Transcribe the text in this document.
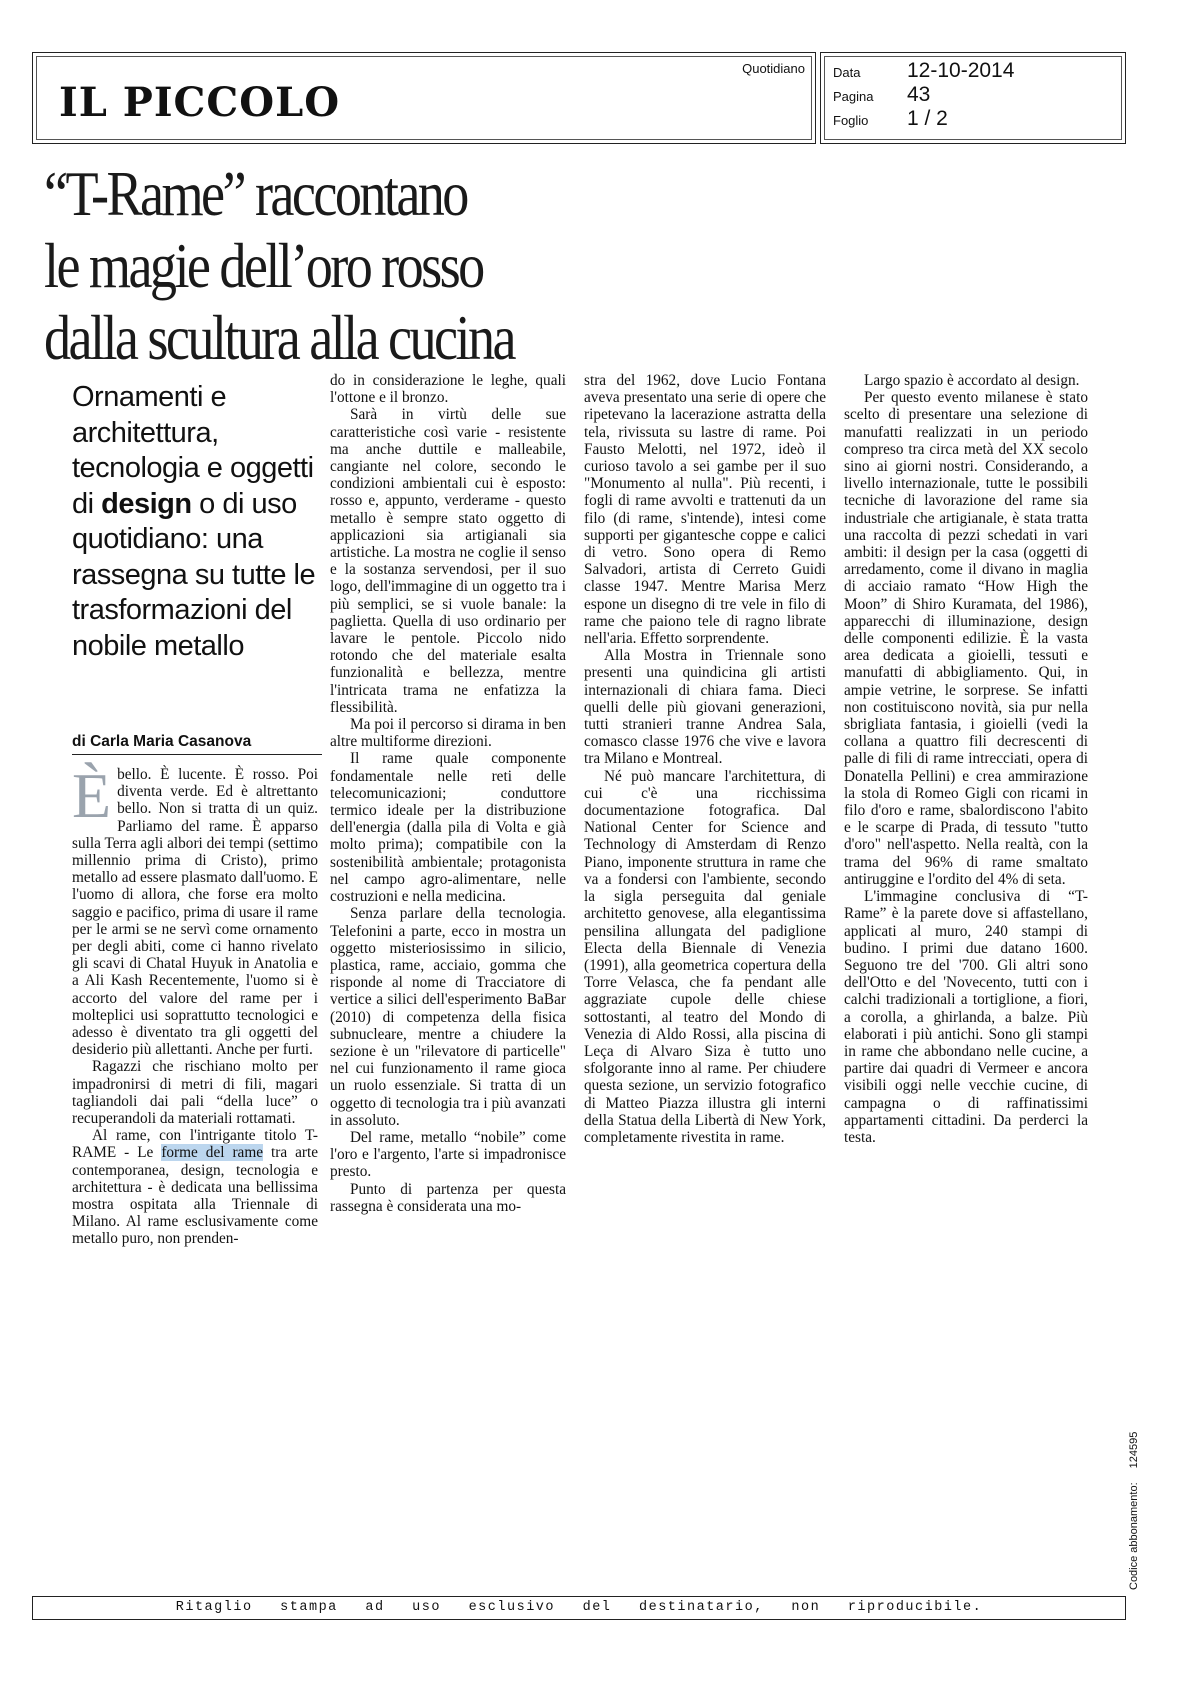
IL PICCOLO
Quotidiano Data 12-10-2014
Pagina 43
Foglio 1 / 2
“T-Rame” raccontano
le magie dell’oro rosso
dalla scultura alla cucina
Ornamenti e architettura, tecnologia e oggetti di design o di uso quotidiano: una rassegna su tutte le trasformazioni del nobile metallo
di Carla Maria Casanova

Èbello. È lucente. È rosso. Poi diventa verde. Ed è altrettanto bello. Non si tratta di un quiz. Parliamo del rame. È apparso sulla Terra agli albori dei tempi (settimo millennio prima di Cristo), primo metallo ad essere plasmato dall'uomo. E l'uomo di allora, che forse era molto saggio e pacifico, prima di usare il rame per le armi se ne servì come ornamento per degli abiti, come ci hanno rivelato gli scavi di Chatal Huyuk in Anatolia e a Ali Kash Recentemente, l'uomo si è accorto del valore del rame per i molteplici usi soprattutto tecnologici e adesso è diventato tra gli oggetti del desiderio più allettanti. Anche per furti.

Ragazzi che rischiano molto per impadronirsi di metri di fili, magari tagliandoli dai pali “della luce” o recuperandoli da materiali rottamati.

Al rame, con l'intrigante titolo T-RAME - Le forme del rame tra arte contemporanea, design, tecnologia e architettura - è dedicata una bellissima mostra ospitata alla Triennale di Milano. Al rame esclusivamente come metallo puro, non prenden-

do in considerazione le leghe, quali l'ottone e il bronzo.

Sarà in virtù delle sue caratteristiche così varie - resistente ma anche duttile e malleabile, cangiante nel colore, secondo le condizioni ambientali cui è esposto: rosso e, appunto, verderame - questo metallo è sempre stato oggetto di applicazioni sia artigianali sia artistiche. La mostra ne coglie il senso e la sostanza servendosi, per il suo logo, dell'immagine di un oggetto tra i più semplici, se si vuole banale: la paglietta. Quella di uso ordinario per lavare le pentole. Piccolo nido rotondo che del materiale esalta funzionalità e bellezza, mentre l'intricata trama ne enfatizza la flessibilità.

Ma poi il percorso si dirama in ben altre multiforme direzioni.

Il rame quale componente fondamentale nelle reti delle telecomunicazioni; conduttore termico ideale per la distribuzione dell'energia (dalla pila di Volta e già molto prima); compatibile con la sostenibilità ambientale; protagonista nel campo agro-alimentare, nelle costruzioni e nella medicina.

Senza parlare della tecnologia. Telefonini a parte, ecco in mostra un oggetto misteriosissimo in silicio, plastica, rame, acciaio, gomma che risponde al nome di Tracciatore di vertice a silici dell'esperimento BaBar (2010) di competenza della fisica subnucleare, mentre a chiudere la sezione è un "rilevatore di particelle" nel cui funzionamento il rame gioca un ruolo essenziale. Si tratta di un oggetto di tecnologia tra i più avanzati in assoluto.

Del rame, metallo “nobile” come l'oro e l'argento, l'arte si impadronisce presto.

Punto di partenza per questa rassegna è considerata una mo-

stra del 1962, dove Lucio Fontana aveva presentato una serie di opere che ripetevano la lacerazione astratta della tela, rivissuta su lastre di rame. Poi Fausto Melotti, nel 1972, ideò il curioso tavolo a sei gambe per il suo "Monumento al nulla". Più recenti, i fogli di rame avvolti e trattenuti da un filo (di rame, s'intende), intesi come supporti per gigantesche coppe e calici di vetro. Sono opera di Remo Salvadori, artista di Cerreto Guidi classe 1947. Mentre Marisa Merz espone un disegno di tre vele in filo di rame che paiono tele di ragno librate nell'aria. Effetto sorprendente.

Alla Mostra in Triennale sono presenti una quindicina gli artisti internazionali di chiara fama. Dieci quelli delle più giovani generazioni, tutti stranieri tranne Andrea Sala, comasco classe 1976 che vive e lavora tra Milano e Montreal.

Né può mancare l'architettura, di cui c'è una ricchissima documentazione fotografica. Dal National Center for Science and Technology di Amsterdam di Renzo Piano, imponente struttura in rame che va a fondersi con l'ambiente, secondo la sigla perseguita dal geniale architetto genovese, alla elegantissima pensilina allungata del padiglione Electa della Biennale di Venezia (1991), alla geometrica copertura della Torre Velasca, che fa pendant alle aggraziate cupole delle chiese sottostanti, al teatro del Mondo di Venezia di Aldo Rossi, alla piscina di Leça di Alvaro Siza è tutto uno sfolgorante inno al rame. Per chiudere questa sezione, un servizio fotografico di Matteo Piazza illustra gli interni della Statua della Libertà di New York, completamente rivestita in rame.

Largo spazio è accordato al design.

Per questo evento milanese è stato scelto di presentare una selezione di manufatti realizzati in un periodo compreso tra circa metà del XX secolo sino ai giorni nostri. Considerando, a livello internazionale, tutte le possibili tecniche di lavorazione del rame sia industriale che artigianale, è stata tratta una raccolta di pezzi schedati in vari ambiti: il design per la casa (oggetti di arredamento, come il divano in maglia di acciaio ramato “How High the Moon” di Shiro Kuramata, del 1986), apparecchi di illuminazione, design delle componenti edilizie. È la vasta area dedicata a gioielli, tessuti e manufatti di abbigliamento. Qui, in ampie vetrine, le sorprese. Se infatti non costituiscono novità, sia pur nella sbrigliata fantasia, i gioielli (vedi la collana a quattro fili decrescenti di palle di fili di rame intrecciati, opera di Donatella Pellini) e crea ammirazione la stola di Romeo Gigli con ricami in filo d'oro e rame, sbalordiscono l'abito e le scarpe di Prada, di tessuto "tutto d'oro" nell'aspetto. Nella realtà, con la trama del 96% di rame smaltato antiruggine e l'ordito del 4% di seta.

L'immagine conclusiva di “T-Rame” è la parete dove si affastellano, applicati al muro, 240 stampi di budino. I primi due datano 1600. Seguono tre del '700. Gli altri sono dell'Otto e del 'Novecento, tutti con i calchi tradizionali a tortiglione, a fiori, a corolla, a ghirlanda, a balze. Più elaborati i più antichi. Sono gli stampi in rame che abbondano nelle cucine, a partire dai quadri di Vermeer e ancora visibili oggi nelle vecchie cucine, di campagna o di raffinatissimi appartamenti cittadini. Da perderci la testa.

Ritaglio stampa ad uso esclusivo del destinatario, non riproducibile.
Codice abbonamento:124595
